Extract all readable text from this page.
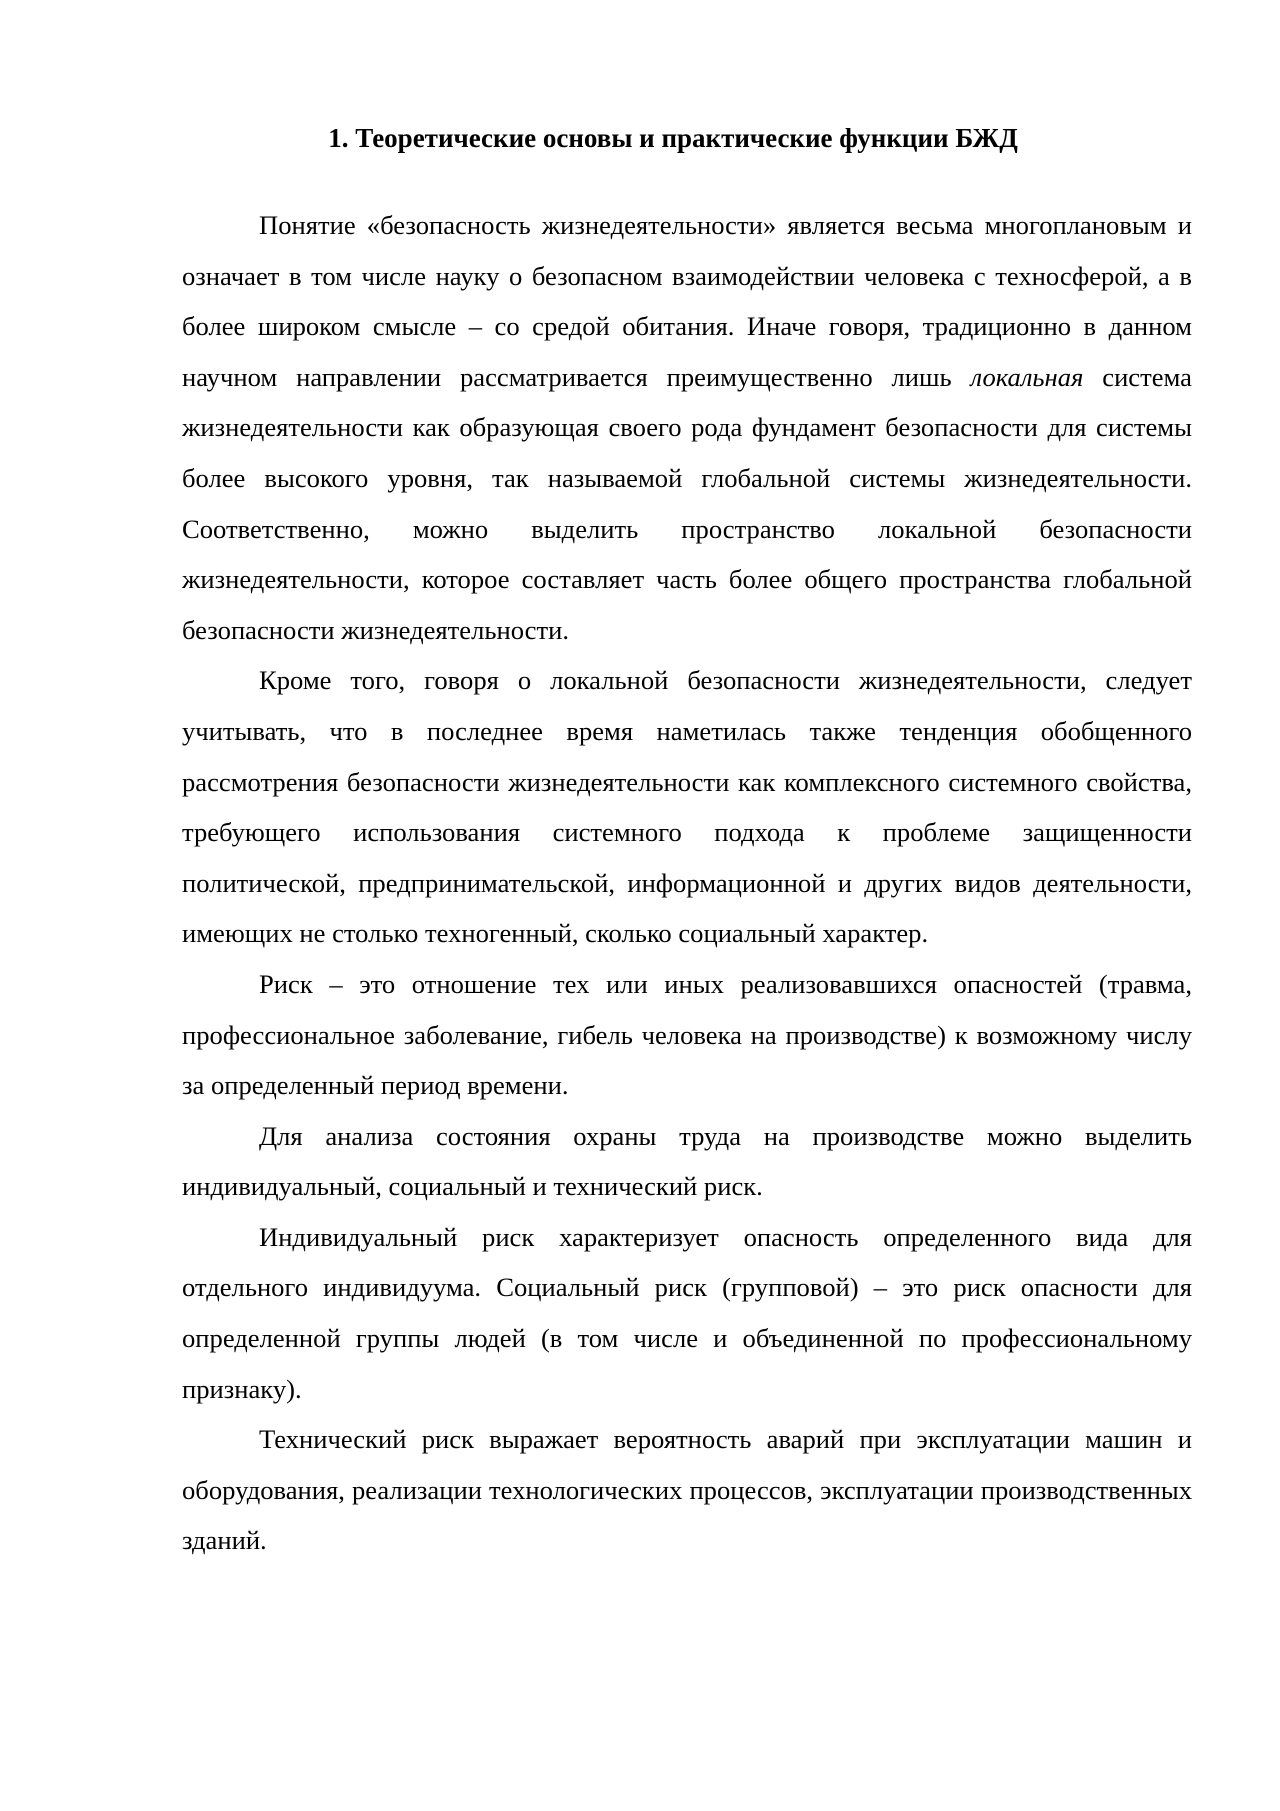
1. Теоретические основы и практические функции БЖД

Понятие «безопасность жизнедеятельности» является весьма многоплановым и означает в том числе науку о безопасном взаимодействии человека с техносферой, а в более широком смысле – со средой обитания. Иначе говоря, традиционно в данном научном направлении рассматривается преимущественно лишь локальная система жизнедеятельности как образующая своего рода фундамент безопасности для системы более высокого уровня, так называемой глобальной системы жизнедеятельности. Соответственно, можно выделить пространство локальной безопасности жизнедеятельности, которое составляет часть более общего пространства глобальной безопасности жизнедеятельности.

Кроме того, говоря о локальной безопасности жизнедеятельности, следует учитывать, что в последнее время наметилась также тенденция обобщенного рассмотрения безопасности жизнедеятельности как комплексного системного свойства, требующего использования системного подхода к проблеме защищенности политической, предпринимательской, информационной и других видов деятельности, имеющих не столько техногенный, сколько социальный характер.

Риск – это отношение тех или иных реализовавшихся опасностей (травма, профессиональное заболевание, гибель человека на производстве) к возможному числу за определенный период времени.

Для анализа состояния охраны труда на производстве можно выделить индивидуальный, социальный и технический риск.

Индивидуальный риск характеризует опасность определенного вида для отдельного индивидуума. Социальный риск (групповой) – это риск опасности для определенной группы людей (в том числе и объединенной по профессиональному признаку).

Технический риск выражает вероятность аварий при эксплуатации машин и оборудования, реализации технологических процессов, эксплуатации производственных зданий.
